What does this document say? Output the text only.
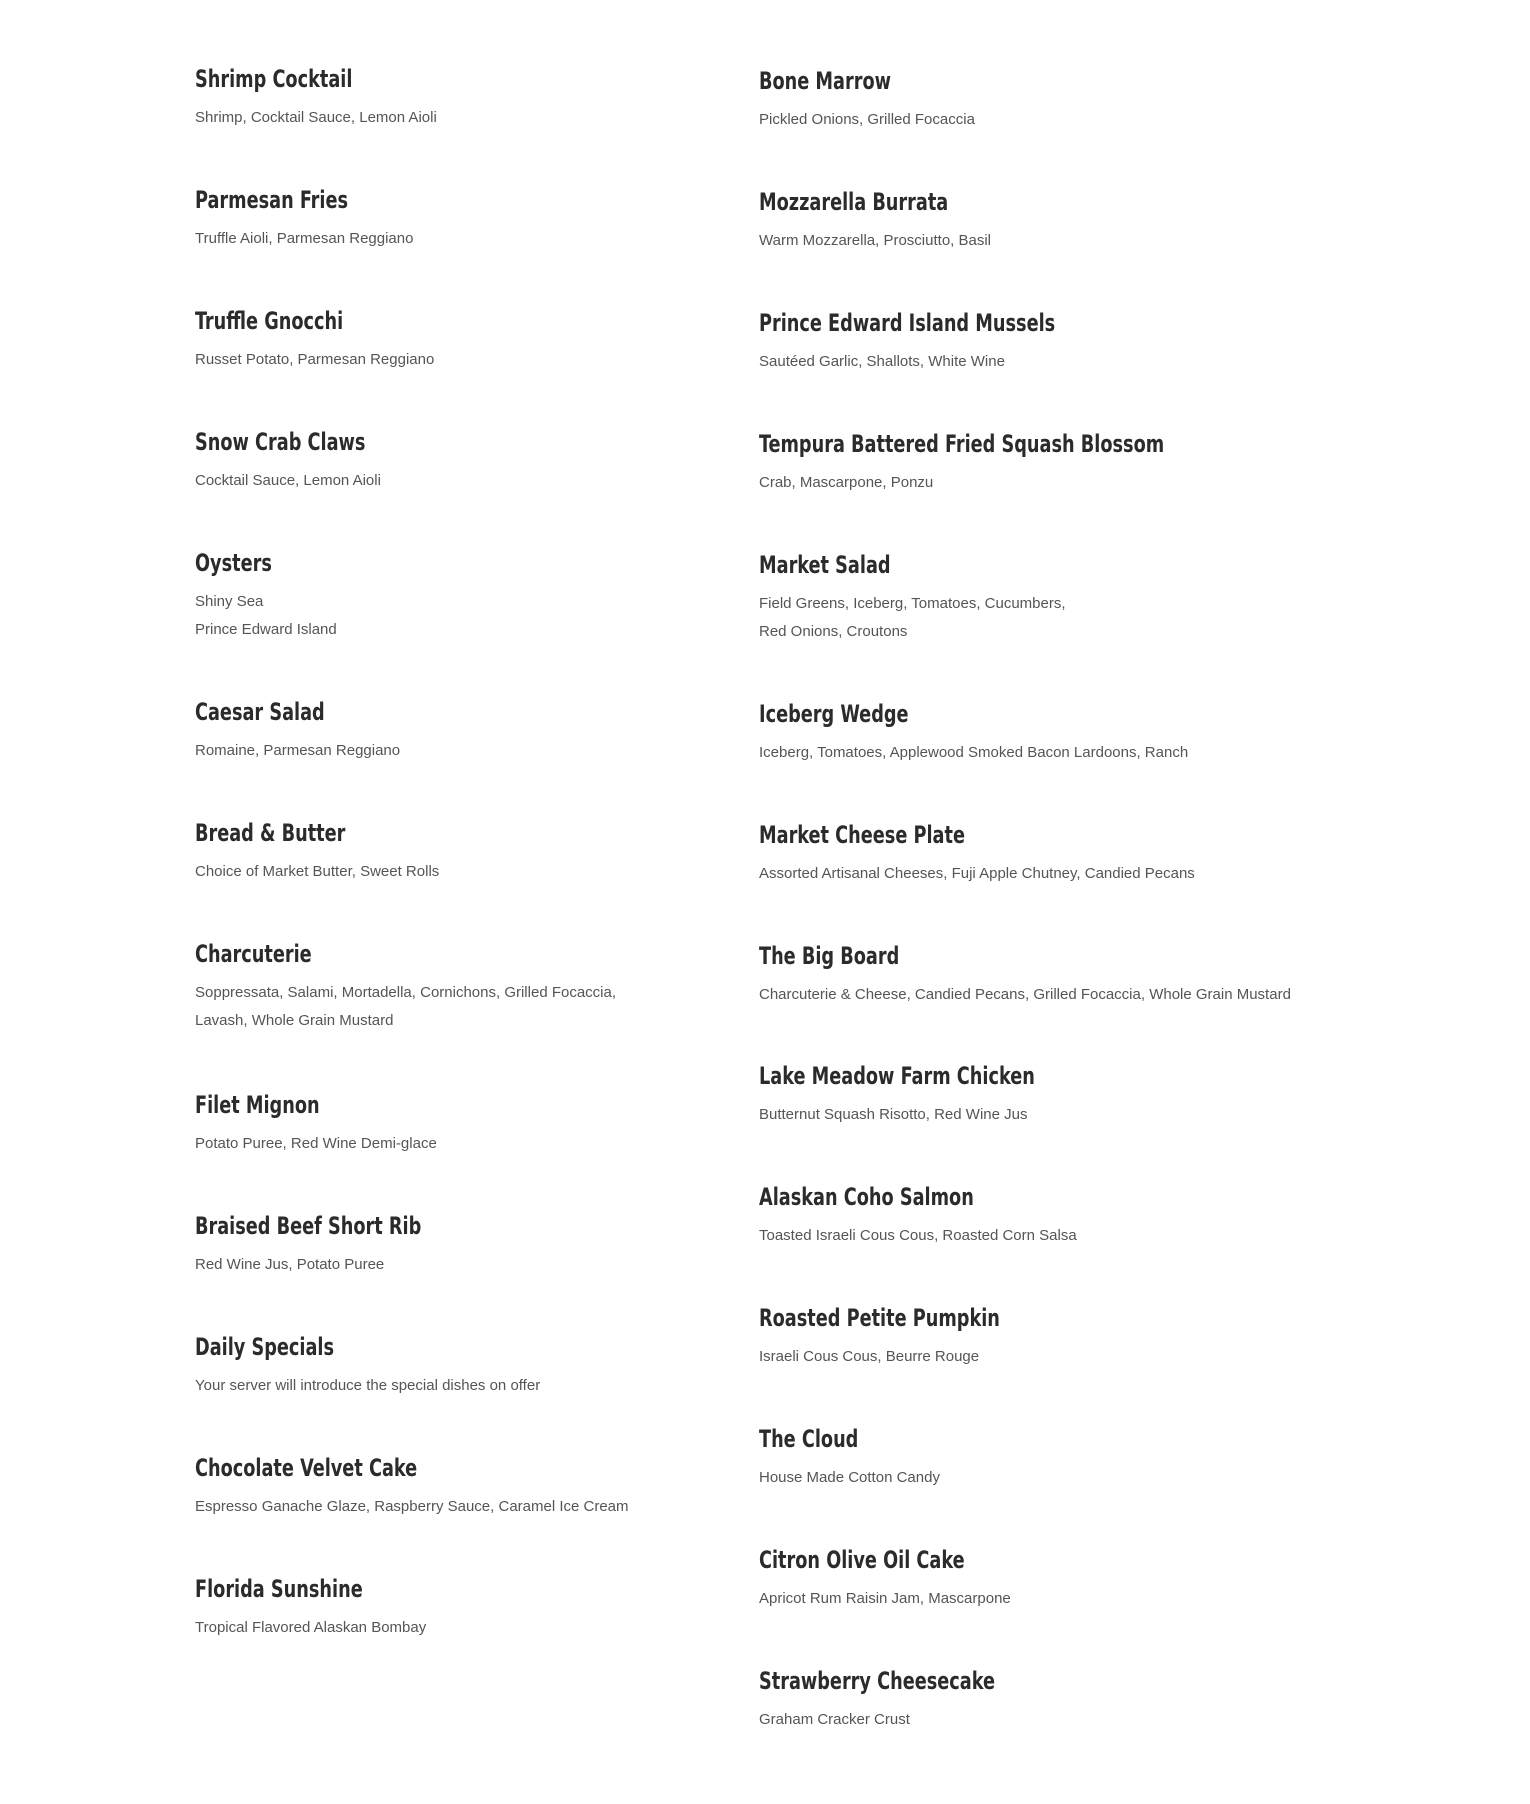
Shrimp Cocktail

Shrimp, Cocktail Sauce, Lemon Aioli

Parmesan Fries

Truffle Aioli, Parmesan Reggiano

Truffle Gnocchi

Russet Potato, Parmesan Reggiano

Snow Crab Claws

Cocktail Sauce, Lemon Aioli

Oysters

Shiny Sea
Prince Edward Island

Caesar Salad

Romaine, Parmesan Reggiano

Bread & Butter

Choice of Market Butter, Sweet Rolls

Charcuterie

Soppressata, Salami, Mortadella, Cornichons, Grilled Focaccia,
Lavash, Whole Grain Mustard

Filet Mignon

Potato Puree, Red Wine Demi-glace

Braised Beef Short Rib

Red Wine Jus, Potato Puree

Daily Specials

Your server will introduce the special dishes on offer

Chocolate Velvet Cake

Espresso Ganache Glaze, Raspberry Sauce, Caramel Ice Cream

Florida Sunshine

Tropical Flavored Alaskan Bombay

Bone Marrow

Pickled Onions, Grilled Focaccia

Mozzarella Burrata

Warm Mozzarella, Prosciutto, Basil

Prince Edward Island Mussels

Sautéed Garlic, Shallots, White Wine

Tempura Battered Fried Squash Blossom

Crab, Mascarpone, Ponzu

Market Salad

Field Greens, Iceberg, Tomatoes, Cucumbers,
Red Onions, Croutons

Iceberg Wedge

Iceberg, Tomatoes, Applewood Smoked Bacon Lardoons, Ranch

Market Cheese Plate

Assorted Artisanal Cheeses, Fuji Apple Chutney, Candied Pecans

The Big Board

Charcuterie & Cheese, Candied Pecans, Grilled Focaccia, Whole Grain Mustard

Lake Meadow Farm Chicken

Butternut Squash Risotto, Red Wine Jus

Alaskan Coho Salmon

Toasted Israeli Cous Cous, Roasted Corn Salsa

Roasted Petite Pumpkin

Israeli Cous Cous, Beurre Rouge

The Cloud

House Made Cotton Candy

Citron Olive Oil Cake

Apricot Rum Raisin Jam, Mascarpone

Strawberry Cheesecake

Graham Cracker Crust
